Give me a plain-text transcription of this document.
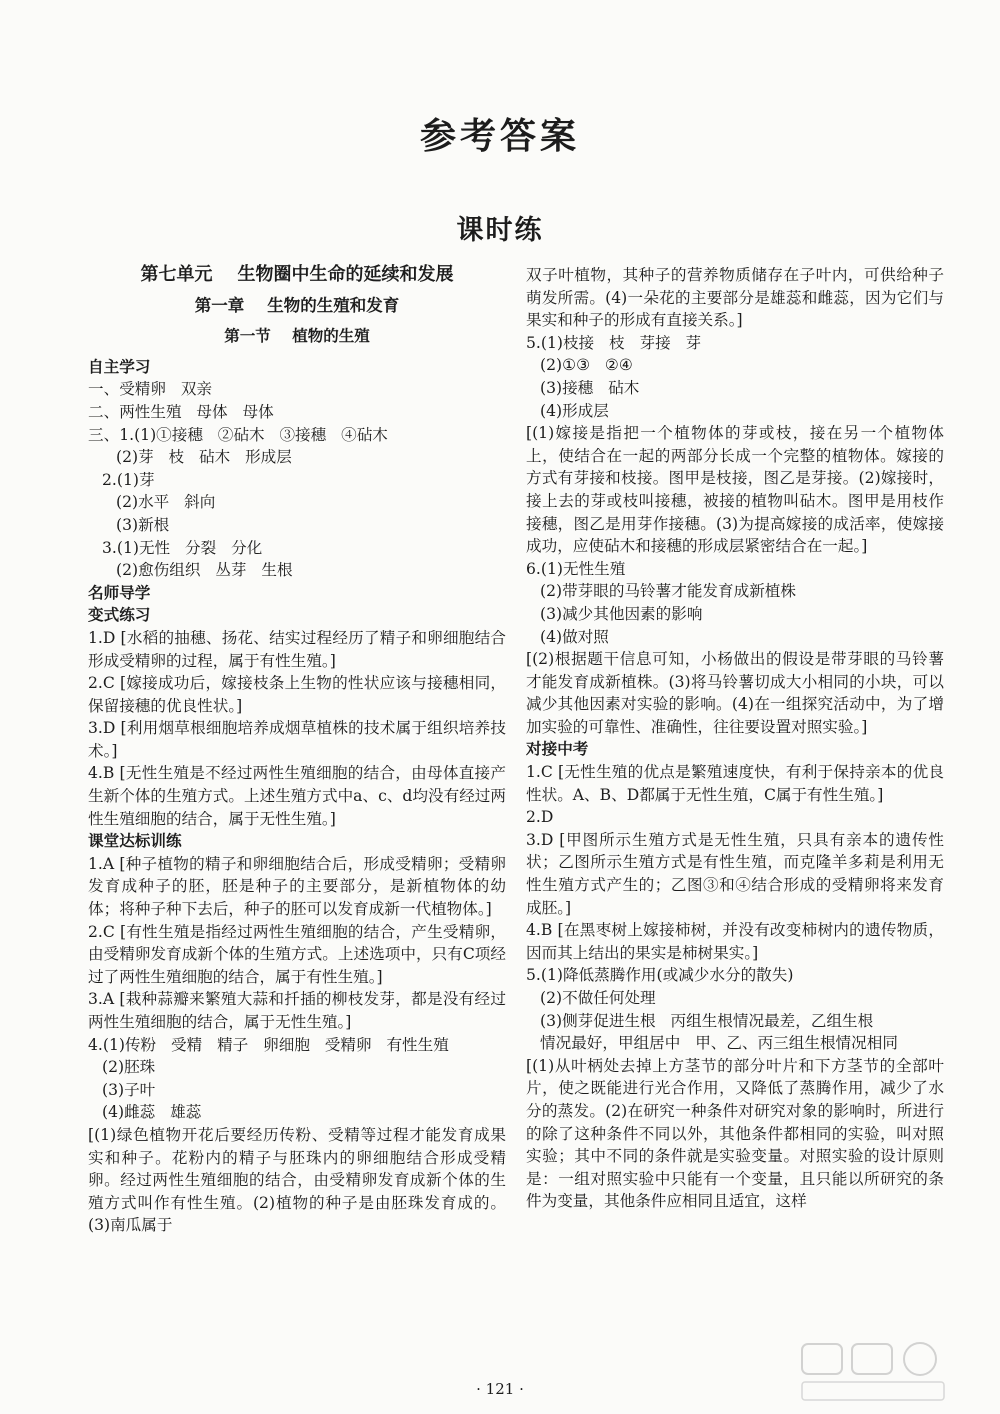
参考答案
课时练

第七单元    生物圈中生命的延续和发展

第一章    生物的生殖和发育

第一节    植物的生殖

自主学习

一、受精卵   双亲

二、两性生殖   母体   母体

三、1.(1)①接穗   ②砧木   ③接穗   ④砧木

(2)芽   枝   砧木   形成层

2.(1)芽

(2)水平   斜向

(3)新根

3.(1)无性   分裂   分化

(2)愈伤组织   丛芽   生根

名师导学

变式练习

1.D [水稻的抽穗、扬花、结实过程经历了精子和卵细胞结合形成受精卵的过程，属于有性生殖。]

2.C [嫁接成功后，嫁接枝条上生物的性状应该与接穗相同，保留接穗的优良性状。]

3.D [利用烟草根细胞培养成烟草植株的技术属于组织培养技术。]

4.B [无性生殖是不经过两性生殖细胞的结合，由母体直接产生新个体的生殖方式。上述生殖方式中a、c、d均没有经过两性生殖细胞的结合，属于无性生殖。]

课堂达标训练

1.A [种子植物的精子和卵细胞结合后，形成受精卵；受精卵发育成种子的胚，胚是种子的主要部分，是新植物体的幼体；将种子种下去后，种子的胚可以发育成新一代植物体。]

2.C [有性生殖是指经过两性生殖细胞的结合，产生受精卵，由受精卵发育成新个体的生殖方式。上述选项中，只有C项经过了两性生殖细胞的结合，属于有性生殖。]

3.A [栽种蒜瓣来繁殖大蒜和扦插的柳枝发芽，都是没有经过两性生殖细胞的结合，属于无性生殖。]

4.(1)传粉   受精   精子   卵细胞   受精卵   有性生殖

(2)胚珠

(3)子叶

(4)雌蕊   雄蕊

[(1)绿色植物开花后要经历传粉、受精等过程才能发育成果实和种子。花粉内的精子与胚珠内的卵细胞结合形成受精卵。经过两性生殖细胞的结合，由受精卵发育成新个体的生殖方式叫作有性生殖。(2)植物的种子是由胚珠发育成的。(3)南瓜属于

双子叶植物，其种子的营养物质储存在子叶内，可供给种子萌发所需。(4)一朵花的主要部分是雄蕊和雌蕊，因为它们与果实和种子的形成有直接关系。]

5.(1)枝接   枝   芽接   芽

(2)①③   ②④

(3)接穗   砧木

(4)形成层

[(1)嫁接是指把一个植物体的芽或枝，接在另一个植物体上，使结合在一起的两部分长成一个完整的植物体。嫁接的方式有芽接和枝接。图甲是枝接，图乙是芽接。(2)嫁接时，接上去的芽或枝叫接穗，被接的植物叫砧木。图甲是用枝作接穗，图乙是用芽作接穗。(3)为提高嫁接的成活率，使嫁接成功，应使砧木和接穗的形成层紧密结合在一起。]

6.(1)无性生殖

(2)带芽眼的马铃薯才能发育成新植株

(3)减少其他因素的影响

(4)做对照

[(2)根据题干信息可知，小杨做出的假设是带芽眼的马铃薯才能发育成新植株。(3)将马铃薯切成大小相同的小块，可以减少其他因素对实验的影响。(4)在一组探究活动中，为了增加实验的可靠性、准确性，往往要设置对照实验。]

对接中考

1.C [无性生殖的优点是繁殖速度快，有利于保持亲本的优良性状。A、B、D都属于无性生殖，C属于有性生殖。]

2.D

3.D [甲图所示生殖方式是无性生殖，只具有亲本的遗传性状；乙图所示生殖方式是有性生殖，而克隆羊多莉是利用无性生殖方式产生的；乙图③和④结合形成的受精卵将来发育成胚。]

4.B [在黑枣树上嫁接柿树，并没有改变柿树内的遗传物质，因而其上结出的果实是柿树果实。]

5.(1)降低蒸腾作用(或减少水分的散失)

(2)不做任何处理

(3)侧芽促进生根   丙组生根情况最差，乙组生根

情况最好，甲组居中   甲、乙、丙三组生根情况相同

[(1)从叶柄处去掉上方茎节的部分叶片和下方茎节的全部叶片，使之既能进行光合作用，又降低了蒸腾作用，减少了水分的蒸发。(2)在研究一种条件对研究对象的影响时，所进行的除了这种条件不同以外，其他条件都相同的实验，叫对照实验；其中不同的条件就是实验变量。对照实验的设计原则是：一组对照实验中只能有一个变量，且只能以所研究的条件为变量，其他条件应相同且适宜，这样

· 121 ·
